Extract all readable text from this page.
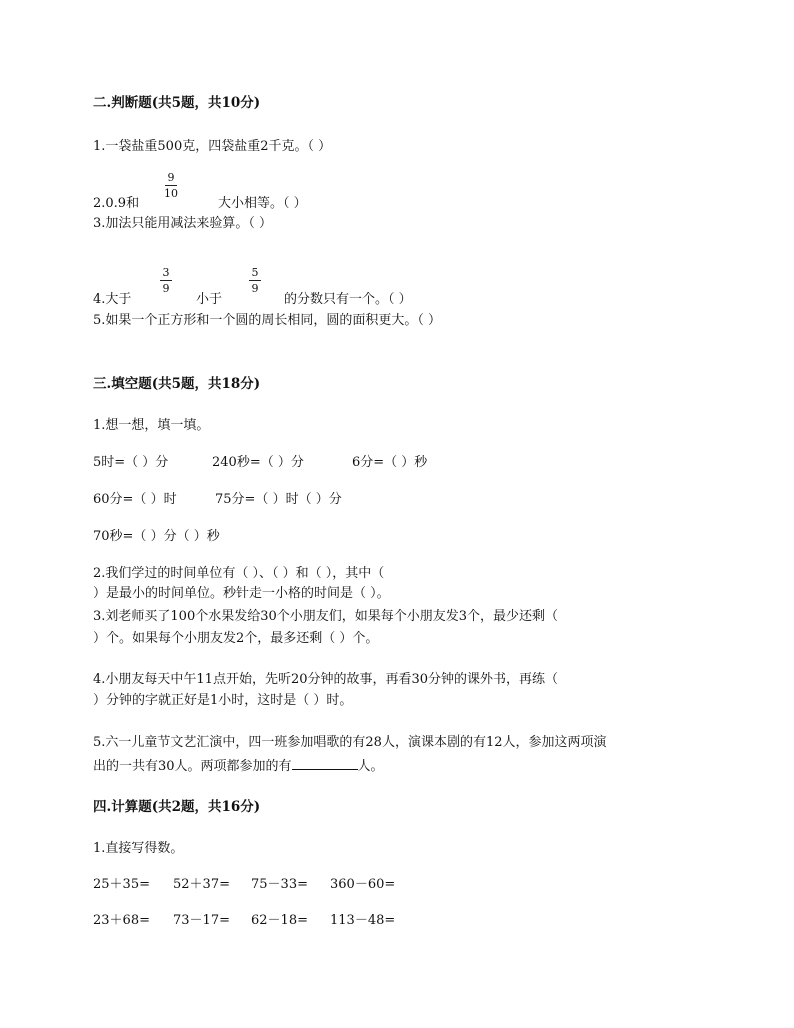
二.判断题(共5题，共10分)
1.一袋盐重500克，四袋盐重2千克。（ ）
2.0.9和
9
10
大小相等。（ ）
3.加法只能用减法来验算。（ ）
4.大于
3
9
小于
5
9
的分数只有一个。（ ）
5.如果一个正方形和一个圆的周长相同，圆的面积更大。（ ）
三.填空题(共5题，共18分)
1.想一想，填一填。
5时=（ ）分	240秒=（ ）分	6分=（ ）秒
60分=（ ）时	75分=（ ）时（ ）分
70秒=（ ）分（ ）秒
2.我们学过的时间单位有（ ）、（ ）和（ ），其中（
）是最小的时间单位。秒针走一小格的时间是（ ）。
3.刘老师买了100个水果发给30个小朋友们，如果每个小朋友发3个，最少还剩（
）个。如果每个小朋友发2个，最多还剩（ ）个。
4.小朋友每天中午11点开始，先听20分钟的故事，再看30分钟的课外书，再练（
）分钟的字就正好是1小时，这时是（ ）时。
5.六一儿童节文艺汇演中，四一班参加唱歌的有28人，演课本剧的有12人，参加这两项演
出的一共有30人。两项都参加的有	人。
四.计算题(共2题，共16分)
1.直接写得数。
25＋35= 52＋37= 75－33= 360－60=
23＋68= 73－17= 62－18= 113－48=
